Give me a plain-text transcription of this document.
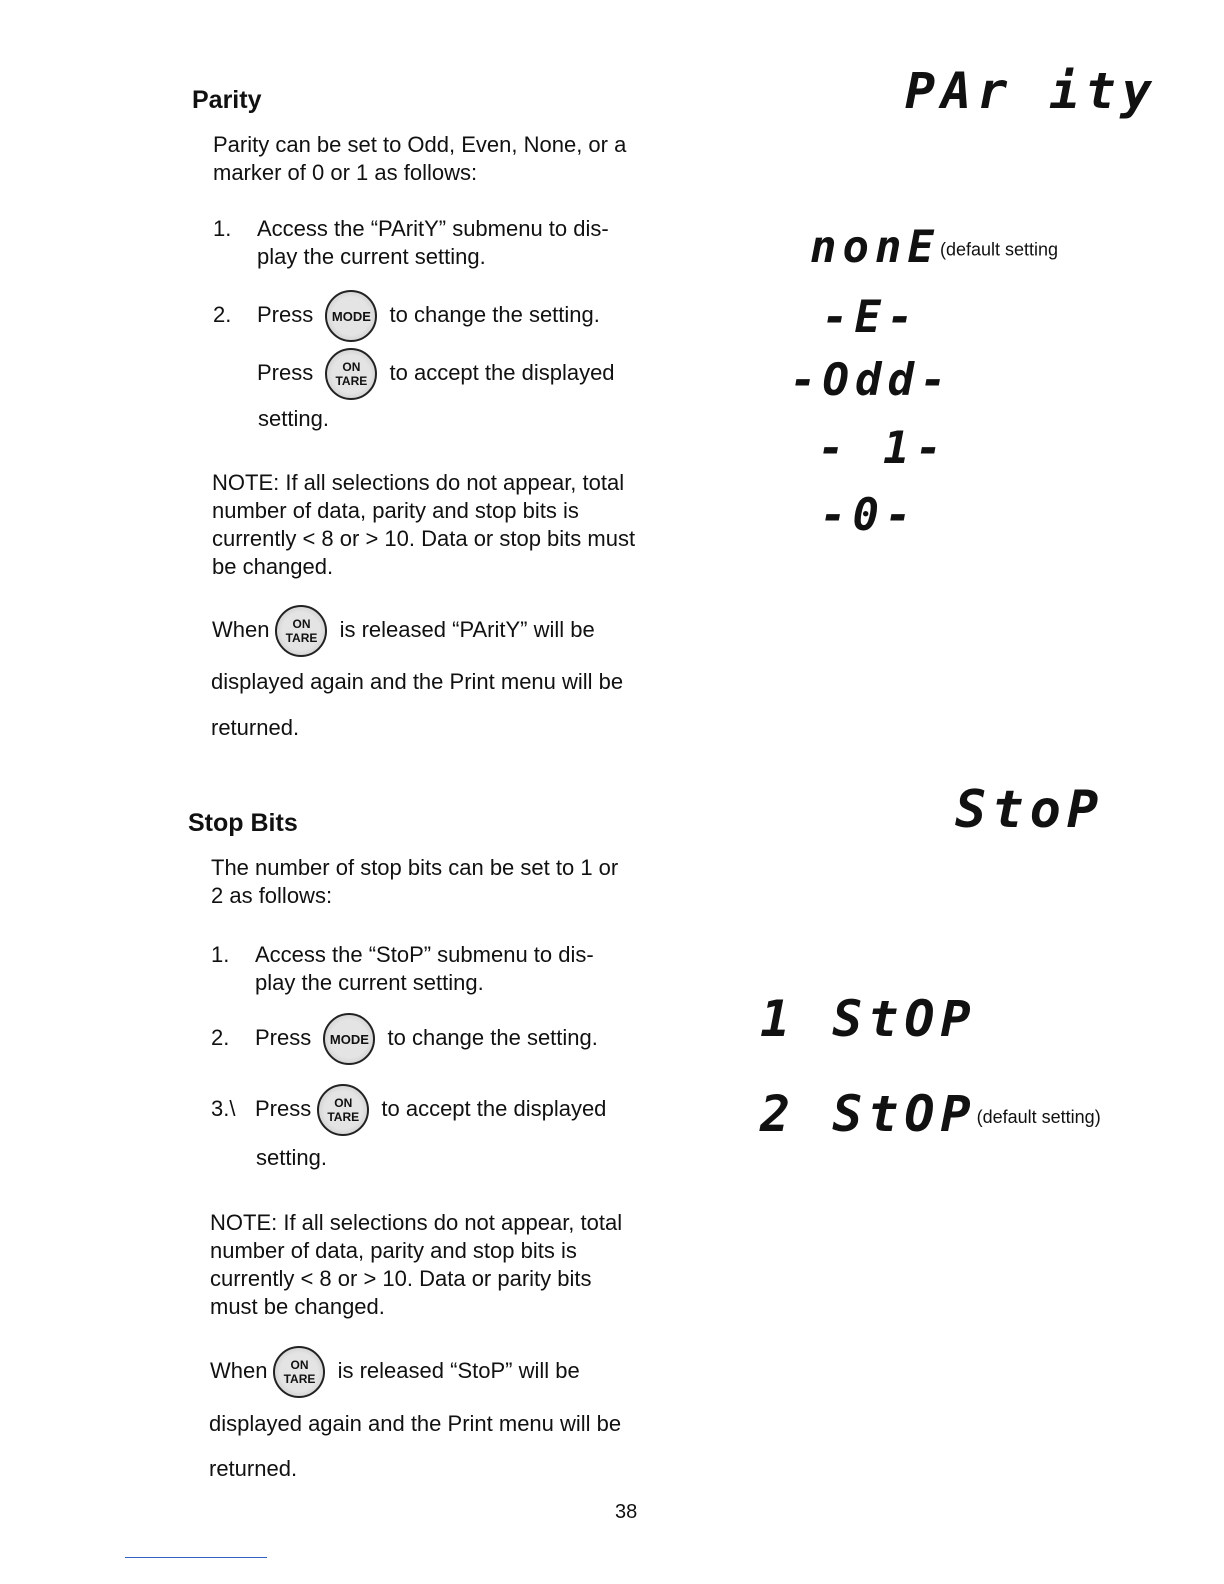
Parity
Parity can be set to Odd, Even, None, or a
marker of 0 or 1 as follows:
1. Access the “PAritY” submenu to dis-
play the current setting.
2. Press MODE to change the setting.
Press ON
TARE to accept the displayed
setting.
NOTE: If all selections do not appear, total
number of data, parity and stop bits is
currently < 8 or > 10. Data or stop bits must
be changed.
When ON
TARE is released “PAritY” will be
displayed again and the Print menu will be
returned.
PAr ity
nonE(default setting
-E-
-Odd-
- 1-
-0-
Stop Bits
The number of stop bits can be set to 1 or
2 as follows:
1. Access the “StoP” submenu to dis-
play the current setting.
2. Press MODE to change the setting.
3.\ Press ON
TARE to accept the displayed
setting.
NOTE: If all selections do not appear, total
number of data, parity and stop bits is
currently < 8 or > 10. Data or parity bits
must be changed.
When ON
TARE is released “StoP” will be
displayed again and the Print menu will be
returned.
StoP
1 StOP
2 StOP(default setting)
38
